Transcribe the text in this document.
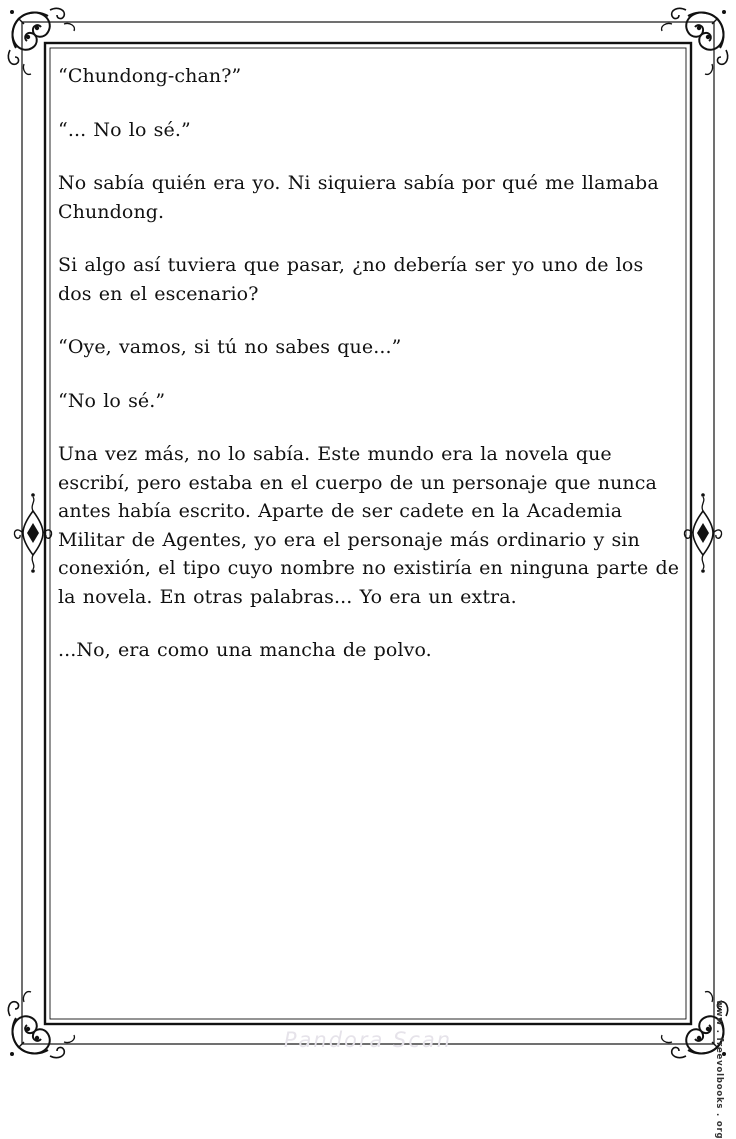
“Chundong-chan?”

“... No lo sé.”

No sabía quién era yo. Ni siquiera sabía por qué me llamaba Chundong.

Si algo así tuviera que pasar, ¿no debería ser yo uno de los dos en el escenario?

“Oye, vamos, si tú no sabes que...”

“No lo sé.”

Una vez más, no lo sabía. Este mundo era la novela que escribí, pero estaba en el cuerpo de un personaje que nunca antes había escrito. Aparte de ser cadete en la Academia Militar de Agentes, yo era el personaje más ordinario y sin conexión, el tipo cuyo nombre no existiría en ninguna parte de la novela. En otras palabras... Yo era un extra.

...No, era como una mancha de polvo.

Pandora Scan	www . freevolbooks . org
